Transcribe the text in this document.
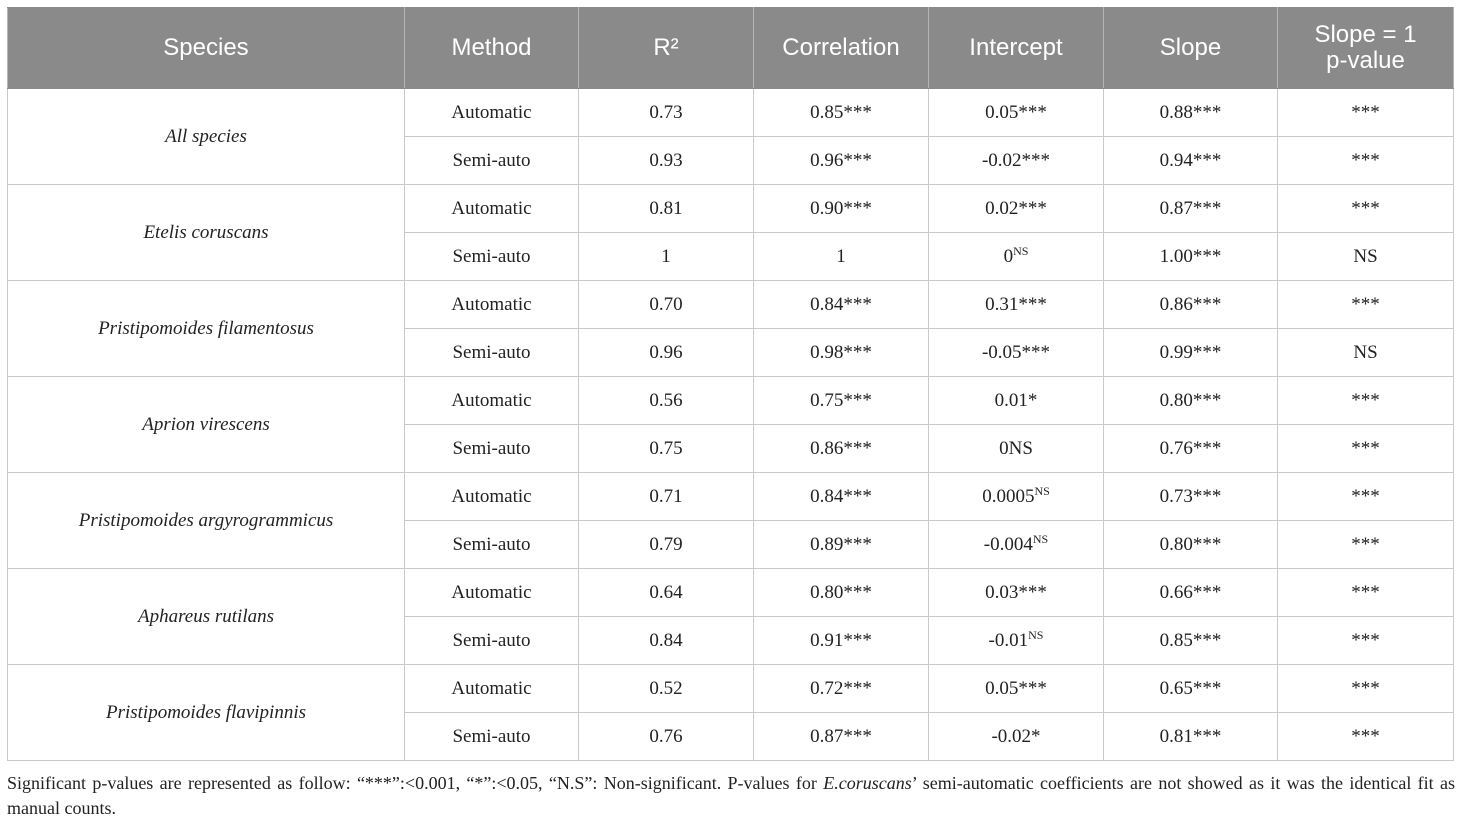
Species	Method	R²	Correlation	Intercept	Slope	Slope = 1
p-value

All species	Automatic	0.73	0.85***	0.05***	0.88***	***
	Semi-auto	0.93	0.96***	-0.02***	0.94***	***
Etelis coruscans	Automatic	0.81	0.90***	0.02***	0.87***	***
	Semi-auto	1	1	$0^{NS}$	1.00***	NS
Pristipomoides filamentosus	Automatic	0.70	0.84***	0.31***	0.86***	***
	Semi-auto	0.96	0.98***	-0.05***	0.99***	NS
Aprion virescens	Automatic	0.56	0.75***	0.01*	0.80***	***
	Semi-auto	0.75	0.86***	0NS	0.76***	***
Pristipomoides argyrogrammicus	Automatic	0.71	0.84***	$0.0005^{NS}$	0.73***	***
	Semi-auto	0.79	0.89***	$-0.004^{NS}$	0.80***	***
Aphareus rutilans	Automatic	0.64	0.80***	0.03***	0.66***	***
	Semi-auto	0.84	0.91***	$-0.01^{NS}$	0.85***	***
Pristipomoides flavipinnis	Automatic	0.52	0.72***	0.05***	0.65***	***
	Semi-auto	0.76	0.87***	-0.02*	0.81***	***

Significant p-values are represented as follow: “***”:<0.001, “*”:<0.05, “N.S”: Non-significant. P-values for E.coruscans’ semi-automatic coefficients are not showed as it was the identical fit as manual counts.
